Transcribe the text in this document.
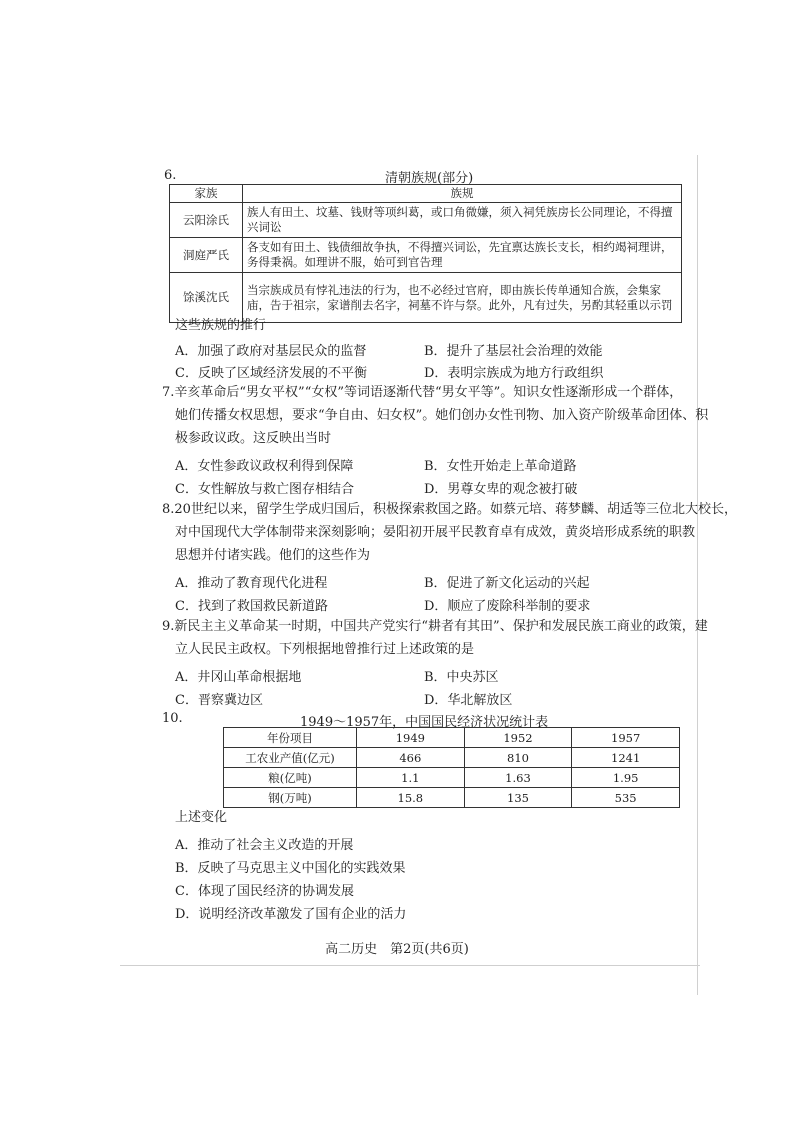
6.	清朝族规(部分)
家族	族规
云阳涂氏	族人有田土、坟墓、钱财等项纠葛，或口角微嫌，须入祠凭族房长公同理论，不得擅兴词讼
洞庭严氏	各支如有田土、钱债细故争执，不得擅兴词讼，先宜禀达族长支长，相约竭祠理讲，务得秉祸。如理讲不服，始可到官告理
馀溪沈氏	当宗族成员有悖礼违法的行为，也不必经过官府，即由族长传单通知合族，会集家庙，告于祖宗，家谱削去名字，祠墓不许与祭。此外，凡有过失，另酌其轻重以示罚
这些族规的推行
A．加强了政府对基层民众的监督	B．提升了基层社会治理的效能
C．反映了区域经济发展的不平衡	D．表明宗族成为地方行政组织
7.辛亥革命后“男女平权”“女权”等词语逐渐代替“男女平等”。知识女性逐渐形成一个群体，
她们传播女权思想，要求“争自由、妇女权”。她们创办女性刊物、加入资产阶级革命团体、积
极参政议政。这反映出当时
A．女性参政议政权利得到保障	B．女性开始走上革命道路
C．女性解放与救亡图存相结合	D．男尊女卑的观念被打破
8.20世纪以来，留学生学成归国后，积极探索救国之路。如蔡元培、蒋梦麟、胡适等三位北大校长，
对中国现代大学体制带来深刻影响；晏阳初开展平民教育卓有成效，黄炎培形成系统的职教
思想并付诸实践。他们的这些作为
A．推动了教育现代化进程	B．促进了新文化运动的兴起
C．找到了救国救民新道路	D．顺应了废除科举制的要求
9.新民主主义革命某一时期，中国共产党实行“耕者有其田”、保护和发展民族工商业的政策，建
立人民民主政权。下列根据地曾推行过上述政策的是
A．井冈山革命根据地	B．中央苏区
C．晋察冀边区	D．华北解放区
10.	1949～1957年，中国国民经济状况统计表
年份项目	1949	1952	1957
工农业产值(亿元)	466	810	1241
粮(亿吨)	1.1	1.63	1.95
钢(万吨)	15.8	135	535
上述变化
A．推动了社会主义改造的开展
B．反映了马克思主义中国化的实践效果
C．体现了国民经济的协调发展
D．说明经济改革激发了国有企业的活力
高二历史　第2页(共6页)
